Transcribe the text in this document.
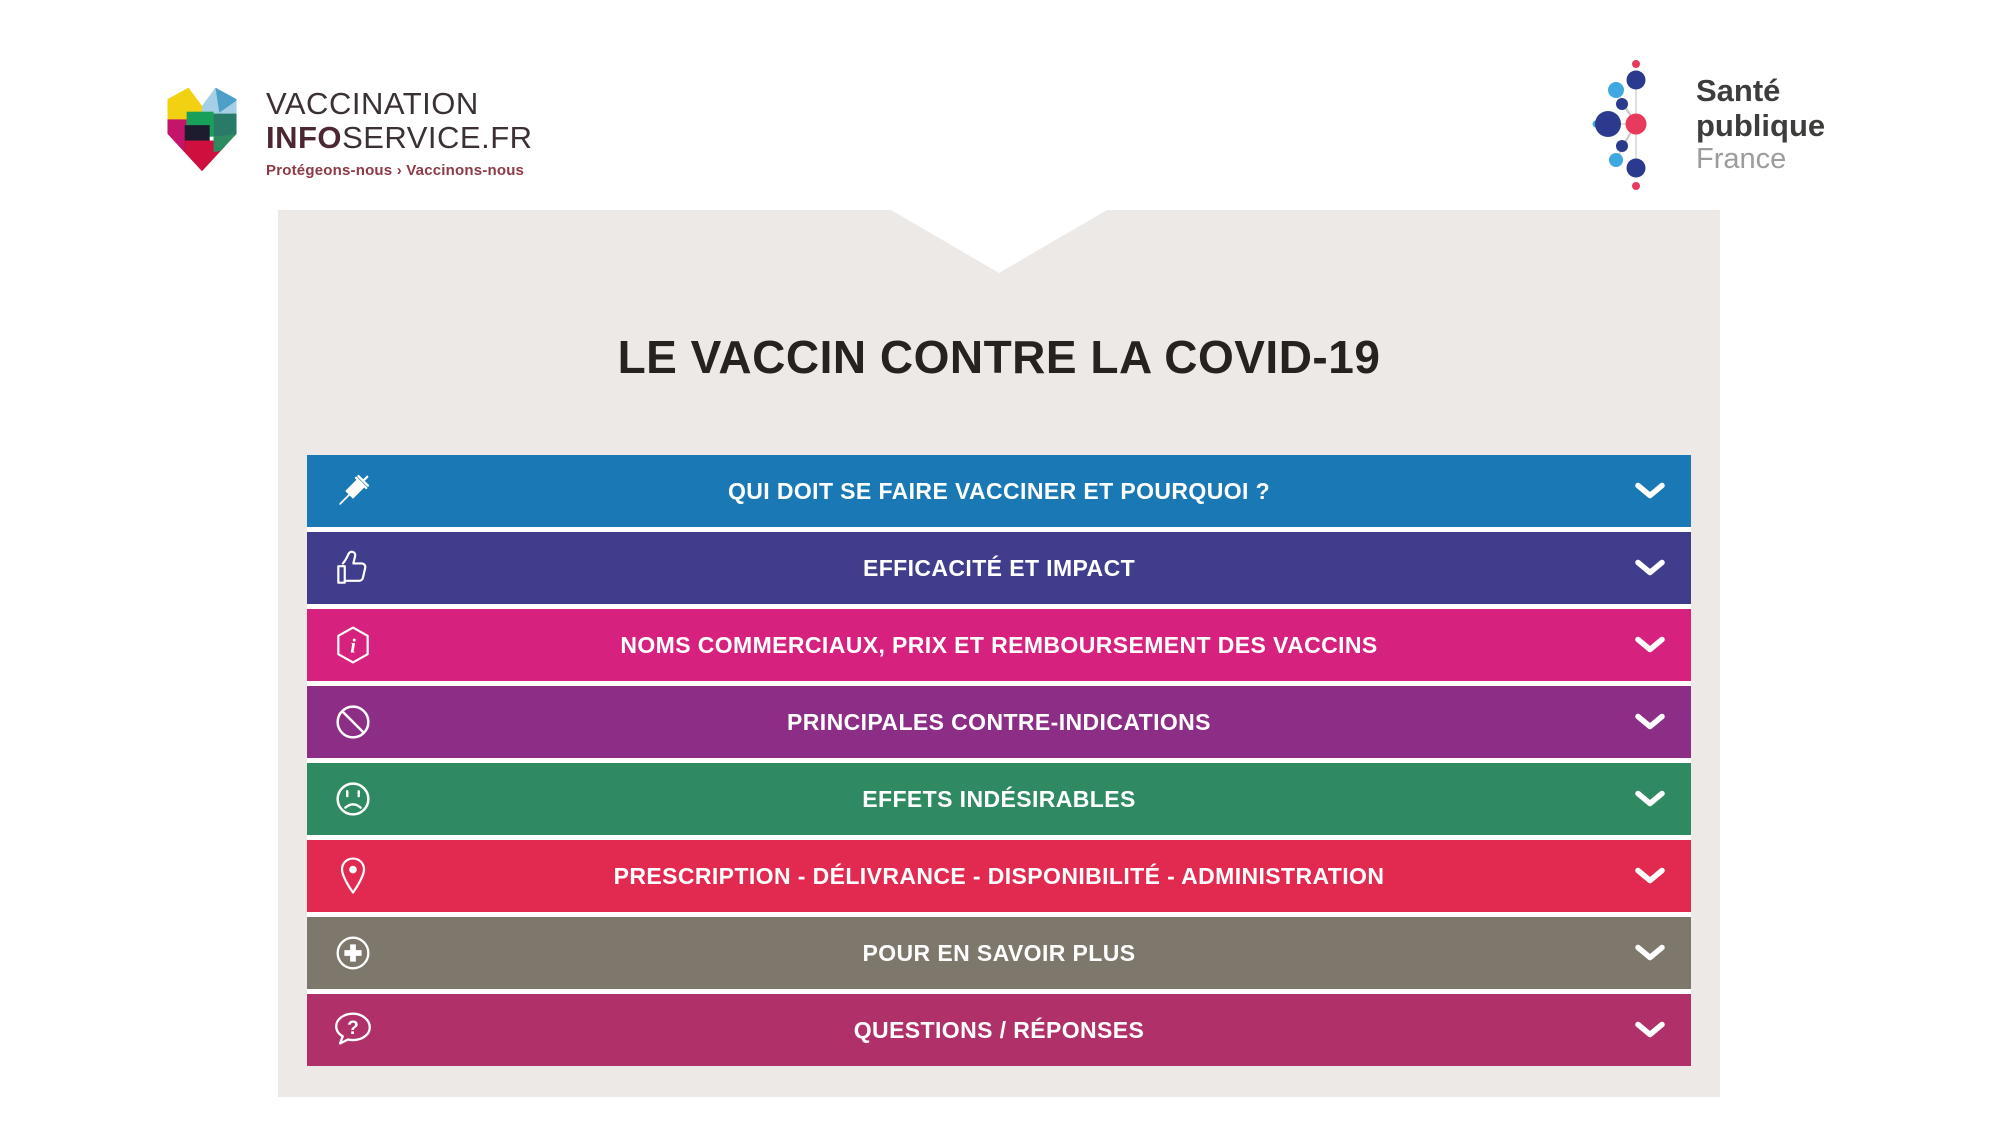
VACCINATION
INFOSERVICE.FR
Protégeons-nous › Vaccinons-nous
Santé
publique
France
LE VACCIN CONTRE LA COVID-19
QUI DOIT SE FAIRE VACCINER ET POURQUOI ?
EFFICACITÉ ET IMPACT
i	NOMS COMMERCIAUX, PRIX ET REMBOURSEMENT DES VACCINS
PRINCIPALES CONTRE-INDICATIONS
EFFETS INDÉSIRABLES
PRESCRIPTION - DÉLIVRANCE - DISPONIBILITÉ - ADMINISTRATION
POUR EN SAVOIR PLUS
?	QUESTIONS / RÉPONSES
